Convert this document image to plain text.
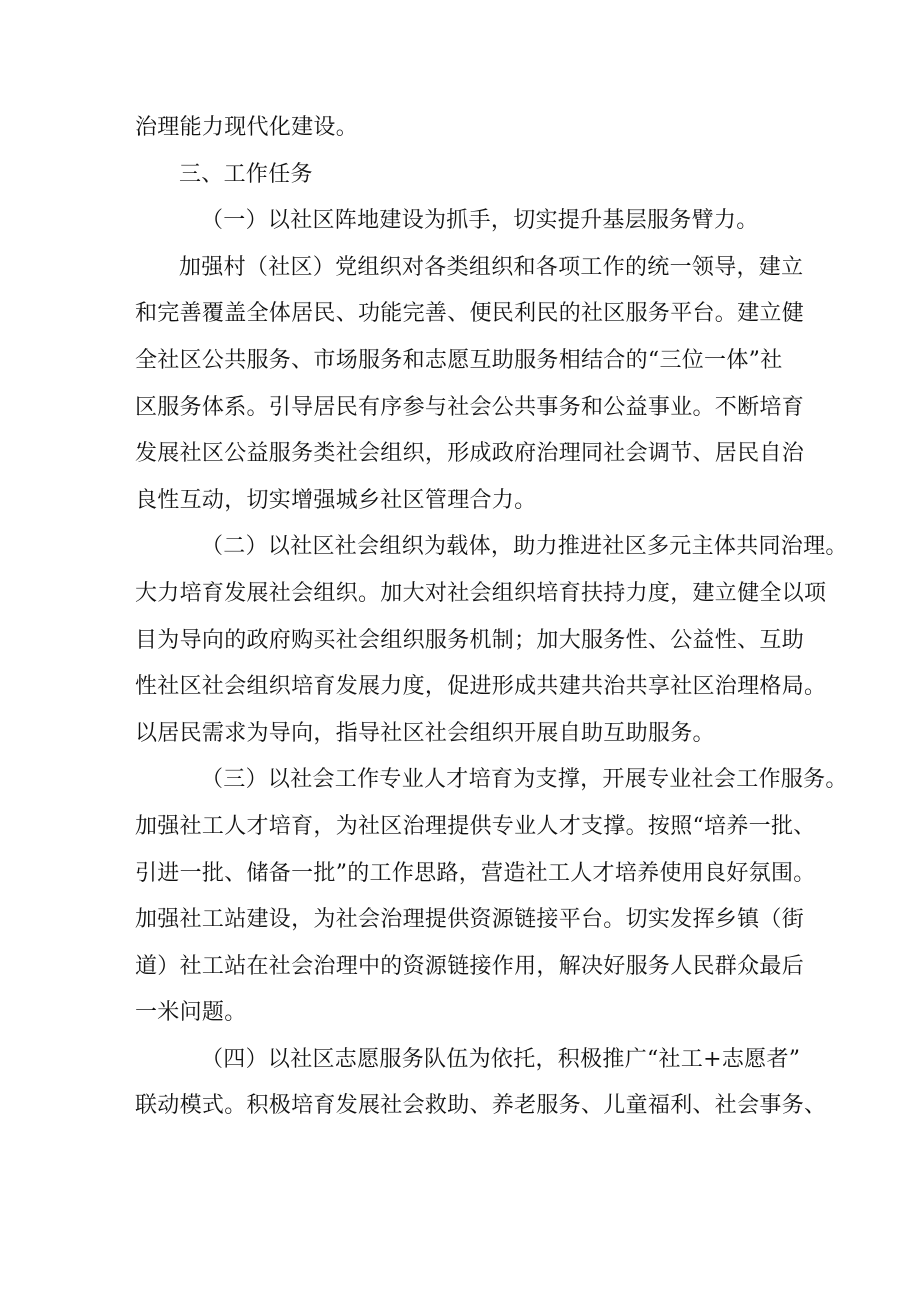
治理能力现代化建设。
三、工作任务
（一）以社区阵地建设为抓手，切实提升基层服务臂力。
加强村（社区）党组织对各类组织和各项工作的统一领导，建立
和完善覆盖全体居民、功能完善、便民利民的社区服务平台。建立健
全社区公共服务、市场服务和志愿互助服务相结合的“三位一体”社
区服务体系。引导居民有序参与社会公共事务和公益事业。不断培育
发展社区公益服务类社会组织，形成政府治理同社会调节、居民自治
良性互动，切实增强城乡社区管理合力。
（二）以社区社会组织为载体，助力推进社区多元主体共同治理。
大力培育发展社会组织。加大对社会组织培育扶持力度，建立健全以项
目为导向的政府购买社会组织服务机制；加大服务性、公益性、互助
性社区社会组织培育发展力度，促进形成共建共治共享社区治理格局。
以居民需求为导向，指导社区社会组织开展自助互助服务。
（三）以社会工作专业人才培育为支撑，开展专业社会工作服务。
加强社工人才培育，为社区治理提供专业人才支撑。按照“培养一批、
引进一批、储备一批”的工作思路，营造社工人才培养使用良好氛围。
加强社工站建设，为社会治理提供资源链接平台。切实发挥乡镇（街
道）社工站在社会治理中的资源链接作用，解决好服务人民群众最后
一米问题。
（四）以社区志愿服务队伍为依托，积极推广“社工+志愿者”
联动模式。积极培育发展社会救助、养老服务、儿童福利、社会事务、
